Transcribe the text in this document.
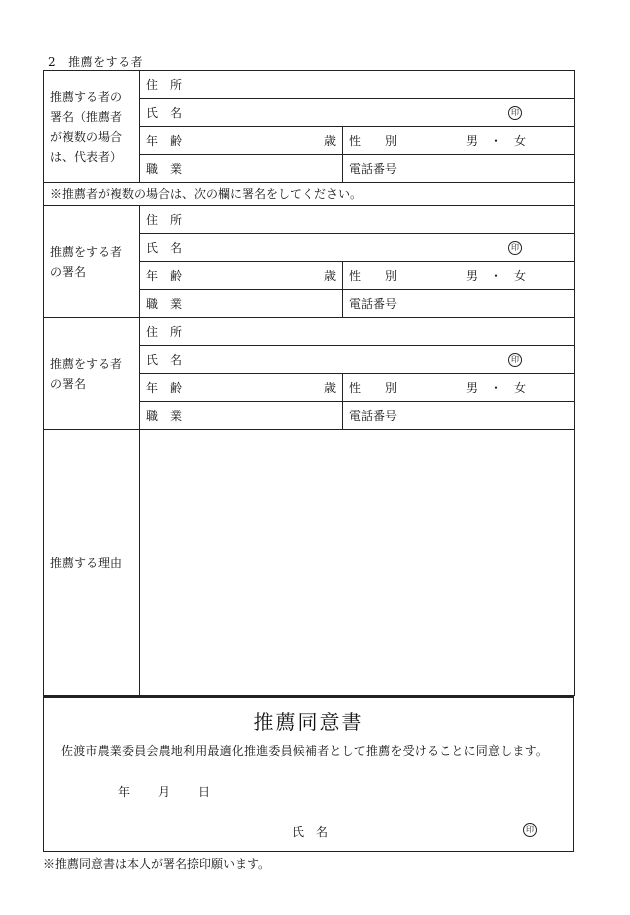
2 推薦をする者
推薦する者の
署名（推薦者
が複数の場合
は、代表者）	住　所	

	氏　名 印	

	年　齢 歳	性　　別 男 ・ 女

	職　業	電話番号
※推薦者が複数の場合は、次の欄に署名をしてください。		

推薦をする者
の署名	住　所	

	氏　名 印	

	年　齢 歳	性　　別 男 ・ 女

	職　業	電話番号

推薦をする者
の署名	住　所	

	氏　名 印	

	年　齢 歳	性　　別 男 ・ 女

	職　業	電話番号
推薦する理由		
推薦同意書
佐渡市農業委員会農地利用最適化推進委員候補者として推薦を受けることに同意します。
年 月 日
氏　名	印
※推薦同意書は本人が署名捺印願います。
